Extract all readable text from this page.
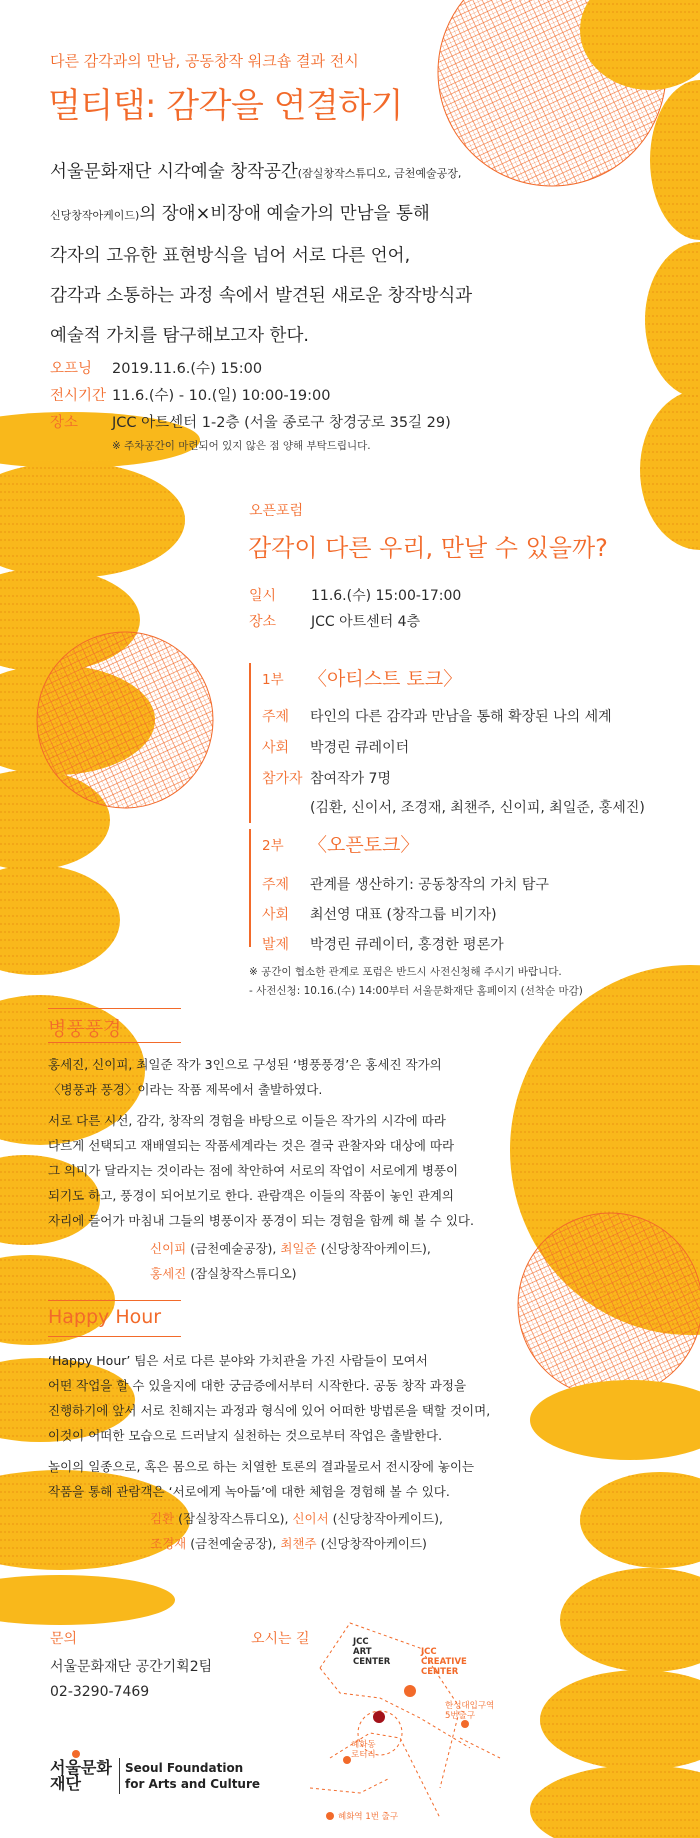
다른 감각과의 만남, 공동창작 워크숍 결과 전시
멀티탭: 감각을 연결하기
서울문화재단 시각예술 창작공간(잠실창작스튜디오, 금천예술공장,
신당창작아케이드)의 장애×비장애 예술가의 만남을 통해
각자의 고유한 표현방식을 넘어 서로 다른 언어,
감각과 소통하는 과정 속에서 발견된 새로운 창작방식과
예술적 가치를 탐구해보고자 한다.
오프닝	2019.11.6.(수) 15:00
전시기간 11.6.(수) - 10.(일) 10:00-19:00
장소	JCC 아트센터 1-2층 (서울 종로구 창경궁로 35길 29)
※ 주차공간이 마련되어 있지 않은 점 양해 부탁드립니다.
오픈포럼
감각이 다른 우리, 만날 수 있을까?
일시 11.6.(수) 15:00-17:00
장소 JCC 아트센터 4층
1부 〈아티스트 토크〉
주제 타인의 다른 감각과 만남을 통해 확장된 나의 세계
사회 박경린 큐레이터
참가자 참여작가 7명
(김환, 신이서, 조경재, 최챈주, 신이피, 최일준, 홍세진)
2부 〈오픈토크〉
주제 관계를 생산하기: 공동창작의 가치 탐구
사회 최선영 대표 (창작그룹 비기자)
발제 박경린 큐레이터, 홍경한 평론가
※ 공간이 협소한 관계로 포럼은 반드시 사전신청해 주시기 바랍니다.
- 사전신청: 10.16.(수) 14:00부터 서울문화재단 홈페이지 (선착순 마감)
병풍풍경
홍세진, 신이피, 최일준 작가 3인으로 구성된 ‘병풍풍경’은 홍세진 작가의
〈병풍과 풍경〉이라는 작품 제목에서 출발하였다.
서로 다른 시선, 감각, 창작의 경험을 바탕으로 이들은 작가의 시각에 따라
다르게 선택되고 재배열되는 작품세계라는 것은 결국 관찰자와 대상에 따라
그 의미가 달라지는 것이라는 점에 착안하여 서로의 작업이 서로에게 병풍이
되기도 하고, 풍경이 되어보기로 한다. 관람객은 이들의 작품이 놓인 관계의
자리에 들어가 마침내 그들의 병풍이자 풍경이 되는 경험을 함께 해 볼 수 있다.
신이피 (금천예술공장), 최일준 (신당창작아케이드),
홍세진 (잠실창작스튜디오)
Happy Hour
‘Happy Hour’ 팀은 서로 다른 분야와 가치관을 가진 사람들이 모여서
어떤 작업을 할 수 있을지에 대한 궁금증에서부터 시작한다. 공동 창작 과정을
진행하기에 앞서 서로 친해지는 과정과 형식에 있어 어떠한 방법론을 택할 것이며,
이것이 어떠한 모습으로 드러날지 실천하는 것으로부터 작업은 출발한다.
놀이의 일종으로, 혹은 몸으로 하는 치열한 토론의 결과물로서 전시장에 놓이는
작품을 통해 관람객은 ‘서로에게 녹아듦’에 대한 체험을 경험해 볼 수 있다.
김환 (잠실창작스튜디오), 신이서 (신당창작아케이드),
조경재 (금천예술공장), 최챈주 (신당창작아케이드)
문의
서울문화재단 공간기획2팀
02-3290-7469
오시는 길	JCC
ART
CENTER
JCC
CREATIVE
CENTER
한성대입구역
5번출구
혜화동
로터리
혜화역 1번 출구
서울문화재단
Seoul Foundation
for Arts and Culture
